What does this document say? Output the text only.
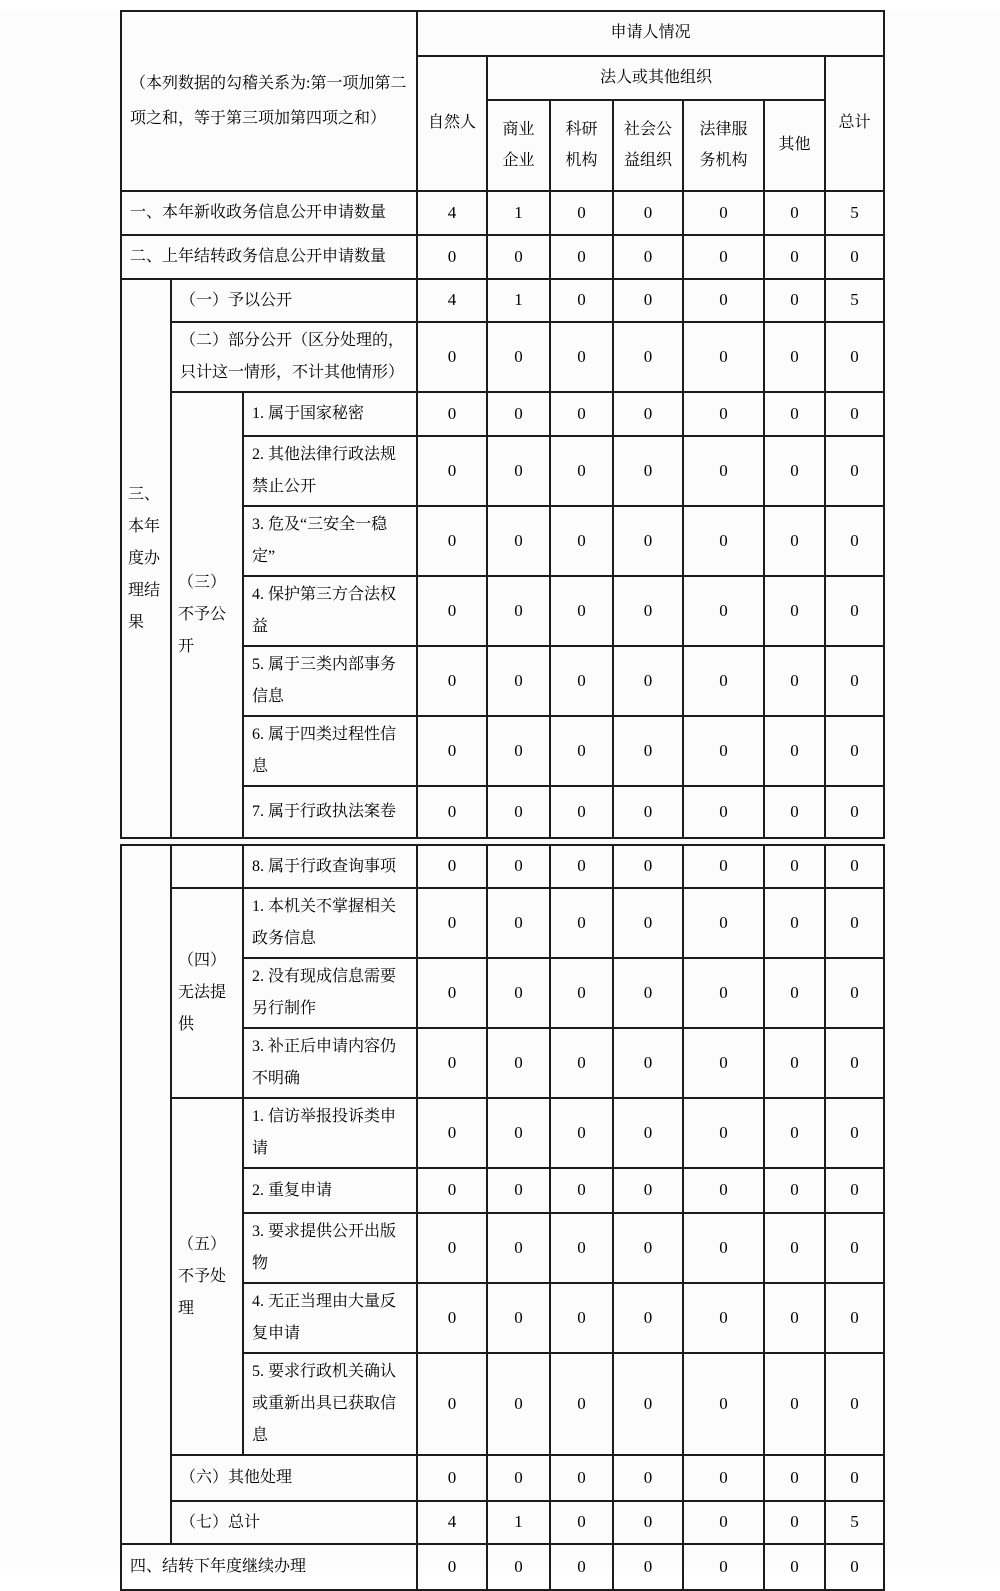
（本列数据的勾稽关系为:第一项加第二项之和，等于第三项加第四项之和）			申请人情况						
			自然人	法人或其他组织					总计
				商业企业	科研机构	社会公益组织	法律服务机构	其他	
一、本年新收政务信息公开申请数量			4	1	0	0	0	0	5
二、上年结转政务信息公开申请数量			0	0	0	0	0	0	0
三、本年度办理结果	（一）予以公开		4	1	0	0	0	0	5
	（二）部分公开（区分处理的，只计这一情形，不计其他情形）		0	0	0	0	0	0	0
	（三）不予公开	1. 属于国家秘密	0	0	0	0	0	0	0
		2. 其他法律行政法规禁止公开	0	0	0	0	0	0	0
		3. 危及“三安全一稳定”	0	0	0	0	0	0	0
		4. 保护第三方合法权益	0	0	0	0	0	0	0
		5. 属于三类内部事务信息	0	0	0	0	0	0	0
		6. 属于四类过程性信息	0	0	0	0	0	0	0
		7. 属于行政执法案卷	0	0	0	0	0	0	0
		8. 属于行政查询事项	0	0	0	0	0	0	0
	（四）无法提供	1. 本机关不掌握相关政务信息	0	0	0	0	0	0	0
		2. 没有现成信息需要另行制作	0	0	0	0	0	0	0
		3. 补正后申请内容仍不明确	0	0	0	0	0	0	0
	（五）不予处理	1. 信访举报投诉类申请	0	0	0	0	0	0	0
		2. 重复申请	0	0	0	0	0	0	0
		3. 要求提供公开出版物	0	0	0	0	0	0	0
		4. 无正当理由大量反复申请	0	0	0	0	0	0	0
		5. 要求行政机关确认或重新出具已获取信息	0	0	0	0	0	0	0
	（六）其他处理		0	0	0	0	0	0	0
	（七）总计		4	1	0	0	0	0	5
四、结转下年度继续办理			0	0	0	0	0	0	0
